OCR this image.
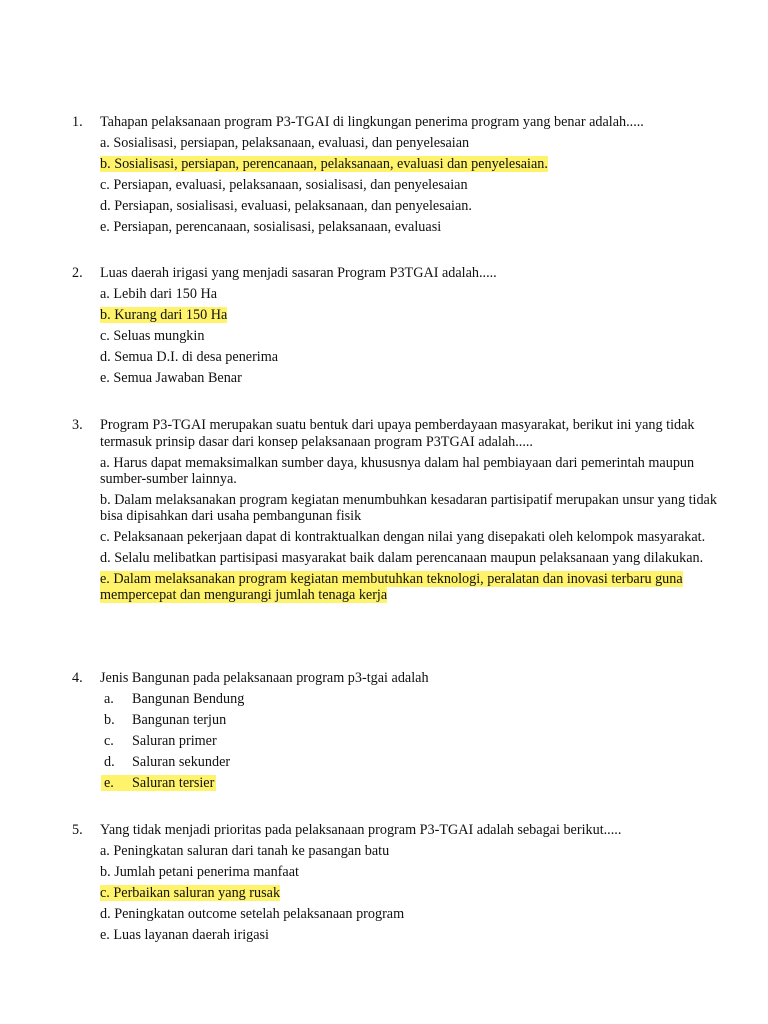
1. Tahapan pelaksanaan program P3-TGAI di lingkungan penerima program yang benar adalah.....
a. Sosialisasi, persiapan, pelaksanaan, evaluasi, dan penyelesaian
b. Sosialisasi, persiapan, perencanaan, pelaksanaan, evaluasi dan penyelesaian.
c. Persiapan, evaluasi, pelaksanaan, sosialisasi, dan penyelesaian
d. Persiapan, sosialisasi, evaluasi, pelaksanaan, dan penyelesaian.
e. Persiapan, perencanaan, sosialisasi, pelaksanaan, evaluasi
2. Luas daerah irigasi yang menjadi sasaran Program P3TGAI adalah.....
a. Lebih dari 150 Ha
b. Kurang dari 150 Ha
c. Seluas mungkin
d. Semua D.I. di desa penerima
e. Semua Jawaban Benar
3. Program P3-TGAI merupakan suatu bentuk dari upaya pemberdayaan masyarakat, berikut ini yang tidak termasuk prinsip dasar dari konsep pelaksanaan program P3TGAI adalah.....
a. Harus dapat memaksimalkan sumber daya, khususnya dalam hal pembiayaan dari pemerintah maupun sumber-sumber lainnya.
b. Dalam melaksanakan program kegiatan menumbuhkan kesadaran partisipatif merupakan unsur yang tidak bisa dipisahkan dari usaha pembangunan fisik
c. Pelaksanaan pekerjaan dapat di kontraktualkan dengan nilai yang disepakati oleh kelompok masyarakat.
d. Selalu melibatkan partisipasi masyarakat baik dalam perencanaan maupun pelaksanaan yang dilakukan.
e. Dalam melaksanakan program kegiatan membutuhkan teknologi, peralatan dan inovasi terbaru guna mempercepat dan mengurangi jumlah tenaga kerja
4. Jenis Bangunan pada pelaksanaan program p3-tgai adalah
a. Bangunan Bendung
b. Bangunan terjun
c. Saluran primer
d. Saluran sekunder
e. Saluran tersier
5. Yang tidak menjadi prioritas pada pelaksanaan program P3-TGAI adalah sebagai berikut.....
a. Peningkatan saluran dari tanah ke pasangan batu
b. Jumlah petani penerima manfaat
c. Perbaikan saluran yang rusak
d. Peningkatan outcome setelah pelaksanaan program
e. Luas layanan daerah irigasi
